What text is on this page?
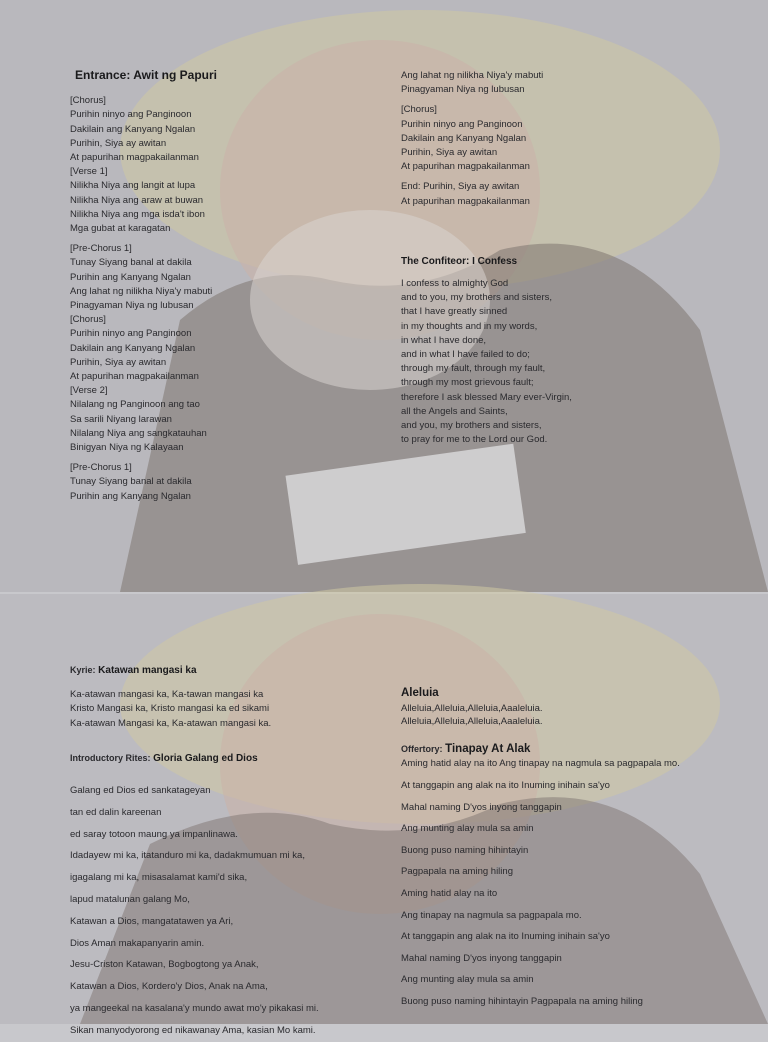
Entrance: Awit ng Papuri
[Chorus]
Purihin ninyo ang Panginoon
Dakilain ang Kanyang Ngalan
Purihin, Siya ay awitan
At papurihan magpakailanman
[Verse 1]
Nilikha Niya ang langit at lupa
Nilikha Niya ang araw at buwan
Nilikha Niya ang mga isda't ibon
Mga gubat at karagatan
[Pre-Chorus 1]
Tunay Siyang banal at dakila
Purihin ang Kanyang Ngalan
Ang lahat ng nilikha Niya'y mabuti
Pinagyaman Niya ng lubusan
[Chorus]
Purihin ninyo ang Panginoon
Dakilain ang Kanyang Ngalan
Purihin, Siya ay awitan
At papurihan magpakailanman
[Verse 2]
Nilalang ng Panginoon ang tao
Sa sarili Niyang larawan
Nilalang Niya ang sangkatauhan
Binigyan Niya ng Kalayaan
[Pre-Chorus 1]
Tunay Siyang banal at dakila
Purihin ang Kanyang Ngalan
Ang lahat ng nilikha Niya'y mabuti
Pinagyaman Niya ng lubusan
[Chorus]
Purihin ninyo ang Panginoon
Dakilain ang Kanyang Ngalan
Purihin, Siya ay awitan
At papurihan magpakailanman
End: Purihin, Siya ay awitan
At papurihan magpakailanman
The Confiteor: I Confess
I confess to almighty God
and to you, my brothers and sisters,
that I have greatly sinned
in my thoughts and in my words,
in what I have done,
and in what I have failed to do;
through my fault, through my fault,
through my most grievous fault;
therefore I ask blessed Mary ever-Virgin,
all the Angels and Saints,
and you, my brothers and sisters,
to pray for me to the Lord our God.
Kyrie: Katawan mangasi ka
Ka-atawan mangasi ka, Ka-tawan mangasi ka
Kristo Mangasi ka, Kristo mangasi ka ed sikami
Ka-atawan Mangasi ka, Ka-atawan mangasi ka.
Introductory Rites: Gloria Galang ed Dios
Galang ed Dios ed sankatageyan
tan ed dalin kareenan
ed saray totoon maung ya impanlinawa.
Idadayew mi ka, itatanduro mi ka, dadakmumuan mi ka,
igagalang mi ka, misasalamat kami'd sika,
lapud matalunan galang Mo,
Katawan a Dios, mangatatawen ya Ari,
Dios Aman makapanyarin amin.
Jesu-Criston Katawan, Bogbogtong ya Anak,
Katawan a Dios, Kordero'y Dios, Anak na Ama,
ya mangeekal na kasalana'y mundo awat mo'y pikakasi mi.
Sikan manyodyorong ed nikawanay Ama, kasian Mo kami.
Aleluia
Alleluia,Alleluia,Alleluia,Aaaleluia.
Alleluia,Alleluia,Alleluia,Aaaleluia.
Offertory: Tinapay At Alak
Aming hatid alay na ito Ang tinapay na nagmula sa pagpapala mo.
At tanggapin ang alak na ito Inuming inihain sa'yo
Mahal naming D'yos inyong tanggapin
Ang munting alay mula sa amin
Buong puso naming hihintayin
Pagpapala na aming hiling
Aming hatid alay na ito
Ang tinapay na nagmula sa pagpapala mo.
At tanggapin ang alak na ito Inuming inihain sa'yo
Mahal naming D'yos inyong tanggapin
Ang munting alay mula sa amin
Buong puso naming hihintayin Pagpapala na aming hiling
